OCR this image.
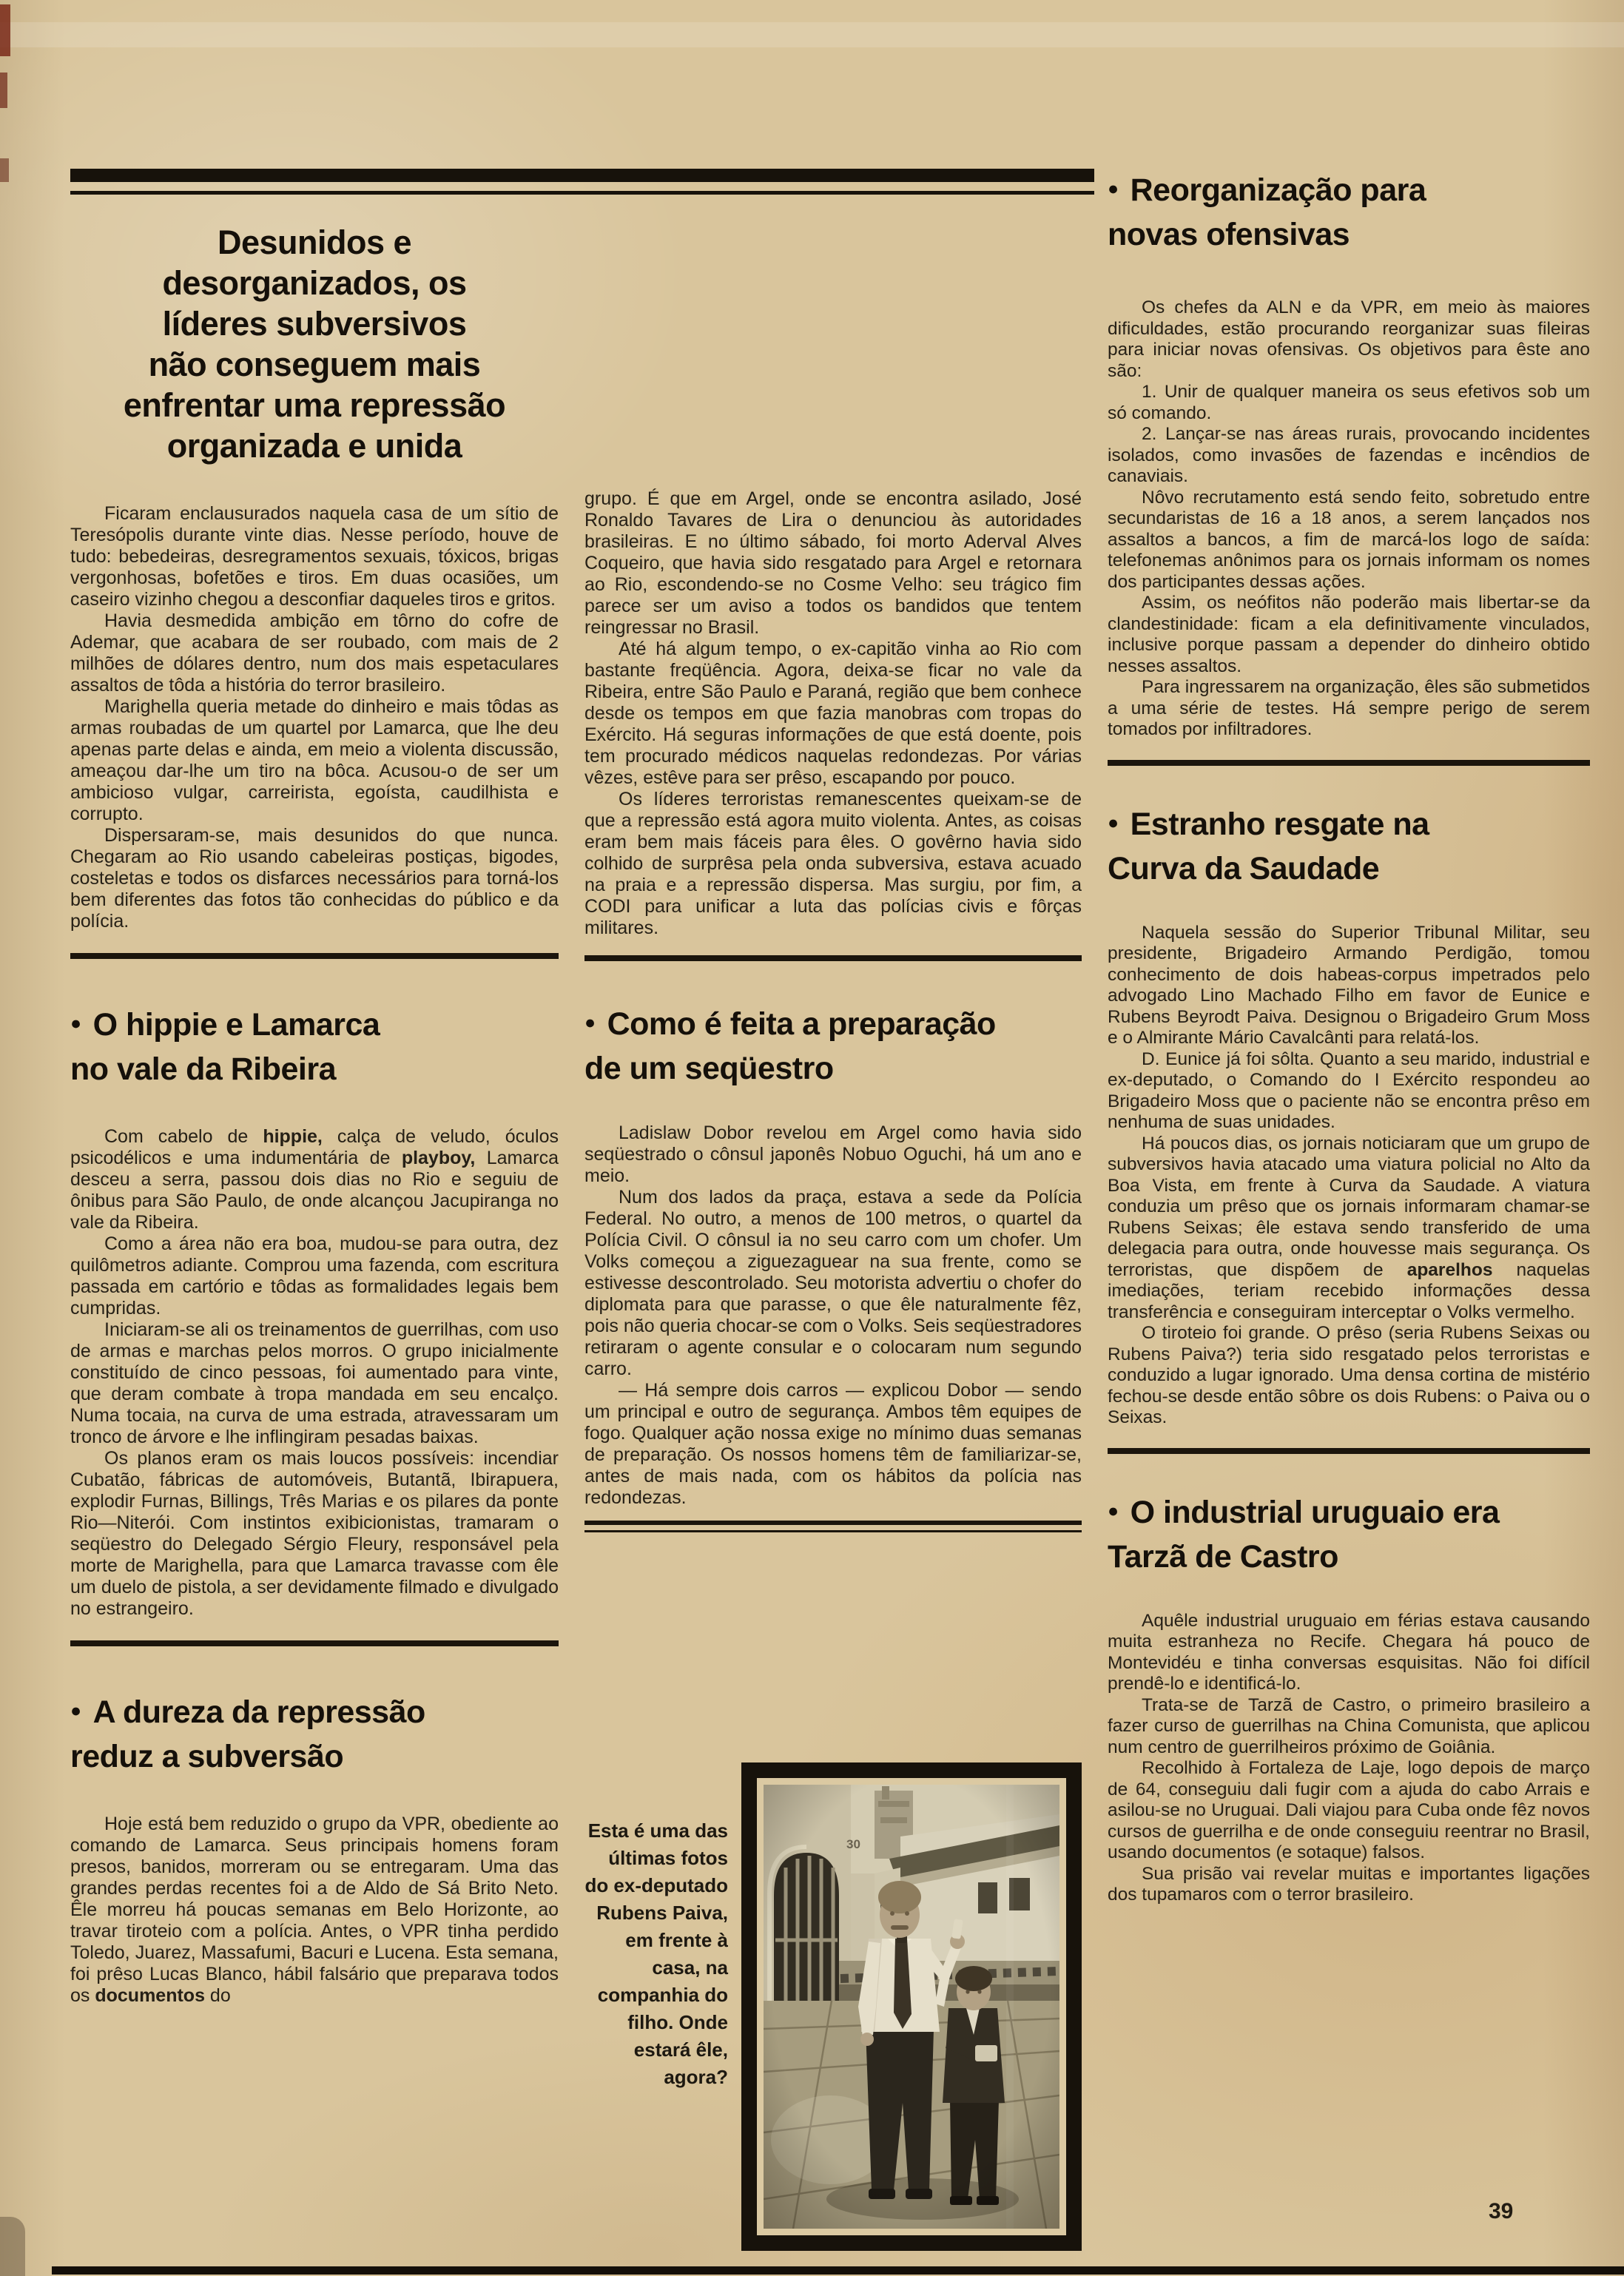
Desunidos e
desorganizados, os
líderes subversivos
não conseguem mais
enfrentar uma repressão
organizada e unida

Ficaram enclausurados naquela casa de um sítio de Teresópolis durante vinte dias. Nesse período, houve de tudo: bebedeiras, desregramentos sexuais, tóxicos, brigas vergonhosas, bofetões e tiros. Em duas ocasiões, um caseiro vizinho chegou a desconfiar daqueles tiros e gritos.

Havia desmedida ambição em tôrno do cofre de Ademar, que acabara de ser roubado, com mais de 2 milhões de dólares dentro, num dos mais espetaculares assaltos de tôda a história do terror brasileiro.

Marighella queria metade do dinheiro e mais tôdas as armas roubadas de um quartel por Lamarca, que lhe deu apenas parte delas e ainda, em meio a violenta discussão, ameaçou dar-lhe um tiro na bôca. Acusou-o de ser um ambicioso vulgar, carreirista, egoísta, caudilhista e corrupto.

Dispersaram-se, mais desunidos do que nunca. Chegaram ao Rio usando cabeleiras postiças, bigodes, costeletas e todos os disfarces necessários para torná-los bem diferentes das fotos tão conhecidas do público e da polícia.

● O hippie e Lamarca
no vale da Ribeira

Com cabelo de hippie, calça de veludo, óculos psicodélicos e uma indumentária de playboy, Lamarca desceu a serra, passou dois dias no Rio e seguiu de ônibus para São Paulo, de onde alcançou Jacupiranga no vale da Ribeira.

Como a área não era boa, mudou-se para outra, dez quilômetros adiante. Comprou uma fazenda, com escritura passada em cartório e tôdas as formalidades legais bem cumpridas.

Iniciaram-se ali os treinamentos de guerrilhas, com uso de armas e marchas pelos morros. O grupo inicialmente constituído de cinco pessoas, foi aumentado para vinte, que deram combate à tropa mandada em seu encalço. Numa tocaia, na curva de uma estrada, atravessaram um tronco de árvore e lhe inflingiram pesadas baixas.

Os planos eram os mais loucos possíveis: incendiar Cubatão, fábricas de automóveis, Butantã, Ibirapuera, explodir Furnas, Billings, Três Marias e os pilares da ponte Rio—Niterói. Com instintos exibicionistas, tramaram o seqüestro do Delegado Sérgio Fleury, responsável pela morte de Marighella, para que Lamarca travasse com êle um duelo de pistola, a ser devidamente filmado e divulgado no estrangeiro.

● A dureza da repressão
reduz a subversão

Hoje está bem reduzido o grupo da VPR, obediente ao comando de Lamarca. Seus principais homens foram presos, banidos, morreram ou se entregaram. Uma das grandes perdas recentes foi a de Aldo de Sá Brito Neto. Êle morreu há poucas semanas em Belo Horizonte, ao travar tiroteio com a polícia. Antes, o VPR tinha perdido Toledo, Juarez, Massafumi, Bacuri e Lucena. Esta semana, foi prêso Lucas Blanco, hábil falsário que preparava todos os documentos do

grupo. É que em Argel, onde se encontra asilado, José Ronaldo Tavares de Lira o denunciou às autoridades brasileiras. E no último sábado, foi morto Aderval Alves Coqueiro, que havia sido resgatado para Argel e retornara ao Rio, escondendo-se no Cosme Velho: seu trágico fim parece ser um aviso a todos os bandidos que tentem reingressar no Brasil.

Até há algum tempo, o ex-capitão vinha ao Rio com bastante freqüência. Agora, deixa-se ficar no vale da Ribeira, entre São Paulo e Paraná, região que bem conhece desde os tempos em que fazia manobras com tropas do Exército. Há seguras informações de que está doente, pois tem procurado médicos naquelas redondezas. Por várias vêzes, estêve para ser prêso, escapando por pouco.

Os líderes terroristas remanescentes queixam-se de que a repressão está agora muito violenta. Antes, as coisas eram bem mais fáceis para êles. O govêrno havia sido colhido de surprêsa pela onda subversiva, estava acuado na praia e a repressão dispersa. Mas surgiu, por fim, a CODI para unificar a luta das polícias civis e fôrças militares.

● Como é feita a preparação
de um seqüestro

Ladislaw Dobor revelou em Argel como havia sido seqüestrado o cônsul japonês Nobuo Oguchi, há um ano e meio.

Num dos lados da praça, estava a sede da Polícia Federal. No outro, a menos de 100 metros, o quartel da Polícia Civil. O cônsul ia no seu carro com um chofer. Um Volks começou a ziguezaguear na sua frente, como se estivesse descontrolado. Seu motorista advertiu o chofer do diplomata para que parasse, o que êle naturalmente fêz, pois não queria chocar-se com o Volks. Seis seqüestradores retiraram o agente consular e o colocaram num segundo carro.

— Há sempre dois carros — explicou Dobor — sendo um principal e outro de segurança. Ambos têm equipes de fogo. Qualquer ação nossa exige no mínimo duas semanas de preparação. Os nossos homens têm de familiarizar-se, antes de mais nada, com os hábitos da polícia nas redondezas.

Esta é uma das últimas fotos do ex-deputado Rubens Paiva, em frente à casa, na companhia do filho. Onde estará êle, agora?
● Reorganização para
novas ofensivas

Os chefes da ALN e da VPR, em meio às maiores dificuldades, estão procurando reorganizar suas fileiras para iniciar novas ofensivas. Os objetivos para êste ano são:

1. Unir de qualquer maneira os seus efetivos sob um só comando.

2. Lançar-se nas áreas rurais, provocando incidentes isolados, como invasões de fazendas e incêndios de canaviais.

Nôvo recrutamento está sendo feito, sobretudo entre secundaristas de 16 a 18 anos, a serem lançados nos assaltos a bancos, a fim de marcá-los logo de saída: telefonemas anônimos para os jornais informam os nomes dos participantes dessas ações.

Assim, os neófitos não poderão mais libertar-se da clandestinidade: ficam a ela definitivamente vinculados, inclusive porque passam a depender do dinheiro obtido nesses assaltos.

Para ingressarem na organização, êles são submetidos a uma série de testes. Há sempre perigo de serem tomados por infiltradores.

● Estranho resgate na
Curva da Saudade

Naquela sessão do Superior Tribunal Militar, seu presidente, Brigadeiro Armando Perdigão, tomou conhecimento de dois habeas-corpus impetrados pelo advogado Lino Machado Filho em favor de Eunice e Rubens Beyrodt Paiva. Designou o Brigadeiro Grum Moss e o Almirante Mário Cavalcânti para relatá-los.

D. Eunice já foi sôlta. Quanto a seu marido, industrial e ex-deputado, o Comando do I Exército respondeu ao Brigadeiro Moss que o paciente não se encontra prêso em nenhuma de suas unidades.

Há poucos dias, os jornais noticiaram que um grupo de subversivos havia atacado uma viatura policial no Alto da Boa Vista, em frente à Curva da Saudade. A viatura conduzia um prêso que os jornais informaram chamar-se Rubens Seixas; êle estava sendo transferido de uma delegacia para outra, onde houvesse mais segurança. Os terroristas, que dispõem de aparelhos naquelas imediações, teriam recebido informações dessa transferência e conseguiram interceptar o Volks vermelho.

O tiroteio foi grande. O prêso (seria Rubens Seixas ou Rubens Paiva?) teria sido resgatado pelos terroristas e conduzido a lugar ignorado. Uma densa cortina de mistério fechou-se desde então sôbre os dois Rubens: o Paiva ou o Seixas.

● O industrial uruguaio era
Tarzã de Castro

Aquêle industrial uruguaio em férias estava causando muita estranheza no Recife. Chegara há pouco de Montevidéu e tinha conversas esquisitas. Não foi difícil prendê-lo e identificá-lo.

Trata-se de Tarzã de Castro, o primeiro brasileiro a fazer curso de guerrilhas na China Comunista, que aplicou num centro de guerrilheiros próximo de Goiânia.

Recolhido à Fortaleza de Laje, logo depois de março de 64, conseguiu dali fugir com a ajuda do cabo Arrais e asilou-se no Uruguai. Dali viajou para Cuba onde fêz novos cursos de guerrilha e de onde conseguiu reentrar no Brasil, usando documentos (e sotaque) falsos.

Sua prisão vai revelar muitas e importantes ligações dos tupamaros com o terror brasileiro.

39
